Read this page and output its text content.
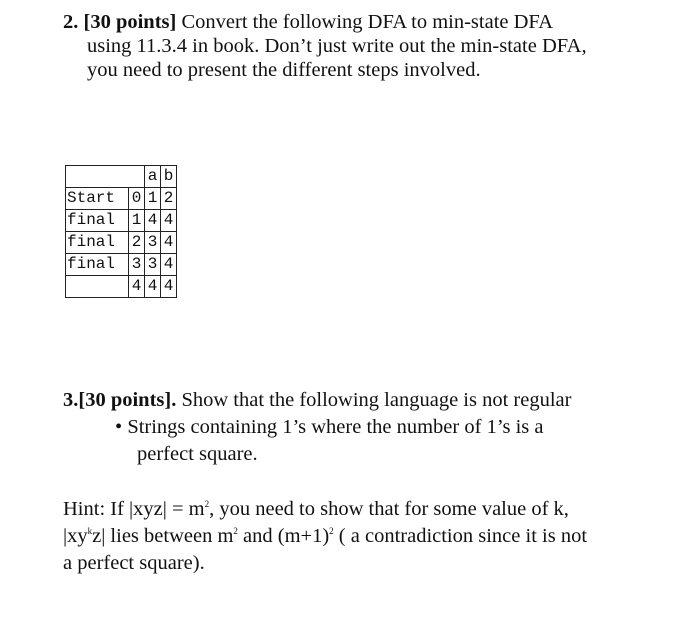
2. [30 points] Convert the following DFA to min-state DFA
using 11.3.4 in book. Don’t just write out the min-state DFA,
you need to present the different steps involved.
		a	b
Start	0	1	2
final	1	4	4
final	2	3	4
final	3	3	4
	4	4	4
3.[30 points]. Show that the following language is not regular
• Strings containing 1’s where the number of 1’s is a
perfect square.
Hint: If $|xyz| = m^2$, you need to show that for some value of k,
$|xy^kz|$ lies between $m^2$ and $(m+1)^2$ ( a contradiction since it is not
a perfect square).
